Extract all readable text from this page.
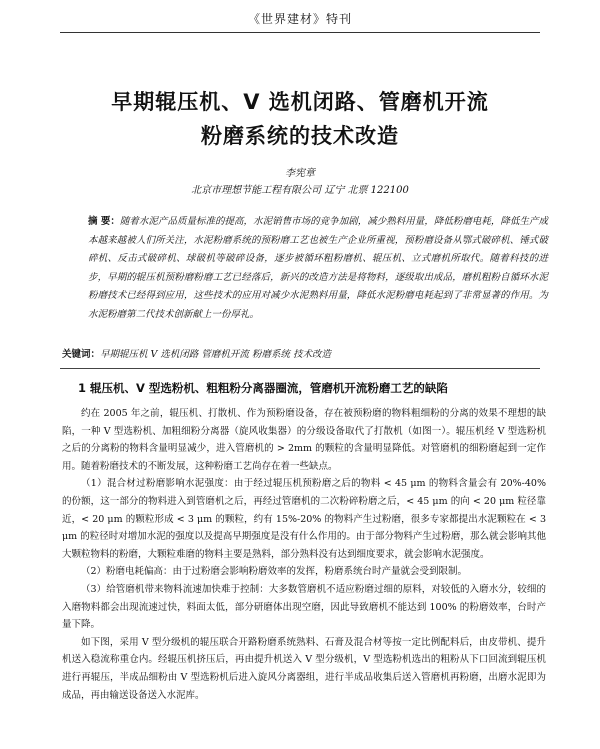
《世界建材》特刊
早期辊压机、V 选机闭路、管磨机开流
粉磨系统的技术改造
李宪章
北京市理想节能工程有限公司 辽宁 北票 122100

摘 要：随着水泥产品质量标准的提高，水泥销售市场的竞争加剧，减少熟料用量，降低粉磨电耗，降低生产成本越来越被人们所关注，水泥粉磨系统的预粉磨工艺也被生产企业所重视，预粉磨设备从鄂式破碎机、锤式破碎机、反击式破碎机、球破机等破碎设备，逐步被循环粗粉磨机、辊压机、立式磨机所取代。随着科技的进步，早期的辊压机预粉磨粉磨工艺已经落后，新兴的改造方法是将物料，逐级取出成品，磨机粗粉自循环水泥粉磨技术已经得到应用，这些技术的应用对减少水泥熟料用量，降低水泥粉磨电耗起到了非常显著的作用。为水泥粉磨第二代技术创新献上一份厚礼。

关键词：早期辊压机 V 选机闭路 管磨机开流 粉磨系统 技术改造

1 辊压机、V 型选粉机、粗粗粉分离器圈流，管磨机开流粉磨工艺的缺陷

约在 2005 年之前，辊压机、打散机、作为预粉磨设备，存在被预粉磨的物料粗细粉的分离的效果不理想的缺陷，一种 V 型选粉机、加粗细粉分离器（旋风收集器）的分级设备取代了打散机（如图一）。辊压机经 V 型选粉机之后的分离粉的物料含量明显减少，进入管磨机的 > 2mm 的颗粒的含量明显降低。对管磨机的细粉磨起到一定作用。随着粉磨技术的不断发展，这种粉磨工艺尚存在着一些缺点。

（1）混合材过粉磨影响水泥强度：由于经过辊压机预粉磨之后的物料 < 45 μm 的物料含量会有 20%-40% 的份额，这一部分的物料进入到管磨机之后，再经过管磨机的二次粉碎粉磨之后，< 45 μm 的向 < 20 μm 粒径靠近，< 20 μm 的颗粒形成 < 3 μm 的颗粒，约有 15%-20% 的物料产生过粉磨，很多专家都提出水泥颗粒在 < 3 μm 的粒径时对增加水泥的强度以及提高早期强度是没有什么作用的。由于部分物料产生过粉磨，那么就会影响其他大颗粒物料的粉磨，大颗粒难磨的物料主要是熟料，部分熟料没有达到细度要求，就会影响水泥强度。

（2）粉磨电耗偏高：由于过粉磨会影响粉磨效率的发挥，粉磨系统台时产量就会受到限制。

（3）给管磨机带来物料流速加快难于控制：大多数管磨机不适应粉磨过细的原料，对较低的入磨水分，较细的入磨物料都会出现流速过快，料面太低，部分研磨体出现空磨，因此导致磨机不能达到 100% 的粉磨效率，台时产量下降。

如下图，采用 V 型分级机的辊压联合开路粉磨系统熟料、石膏及混合材等按一定比例配料后，由皮带机、提升机送入稳流称重仓内。经辊压机挤压后，再由提升机送入 V 型分级机，V 型选粉机选出的粗粉从下口回流到辊压机进行再辊压，半成品细粉由 V 型选粉机后进入旋风分离器组，进行半成品收集后送入管磨机再粉磨，出磨水泥即为成品，再由输送设备送入水泥库。
